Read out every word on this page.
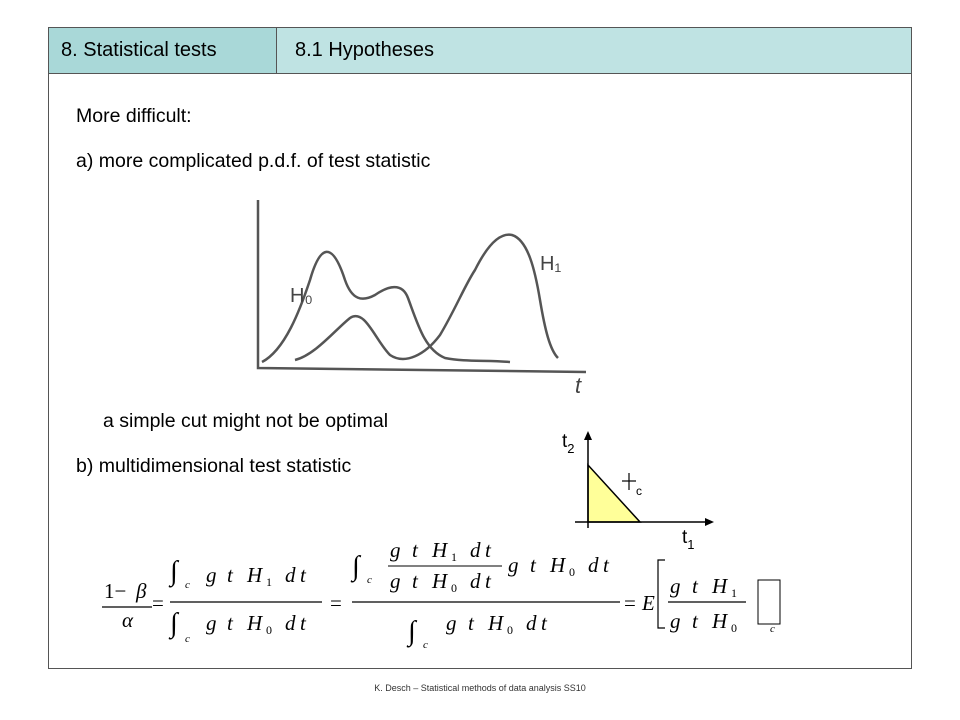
8. Statistical tests	8.1 Hypotheses
More difficult:
a) more complicated p.d.f. of test statistic
a simple cut might not be optimal
b) multidimensional test statistic
H₀
H₁
t
$t_2$
$t_1$
c
1− β
α
=
∫ c g t H 1 d t
∫ c
g t H 0 d t
=
∫ c
g t H 1 d t
g t H 0 d t
g t H 0 d t
∫ c
g t H 0 d t
= E
g t H 1
g t H 0	c
K. Desch – Statistical methods of data analysis SS10
